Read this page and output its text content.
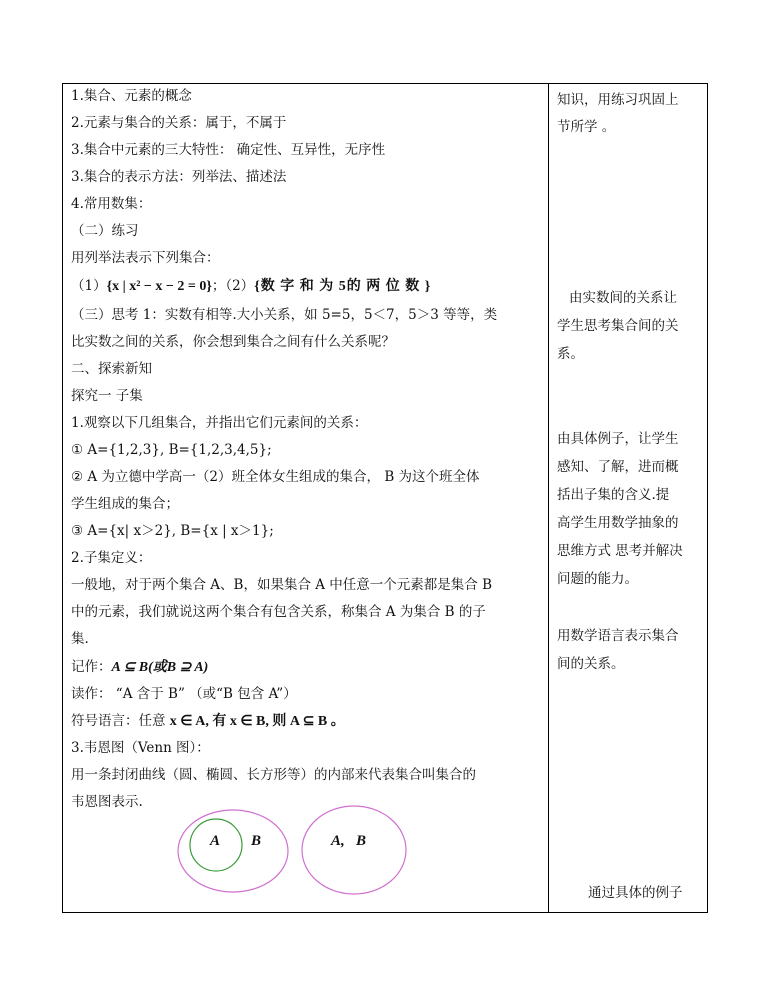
1.集合、元素的概念
2.元素与集合的关系：属于，不属于
3.集合中元素的三大特性： 确定性、互异性，无序性
3.集合的表示方法：列举法、描述法
4.常用数集：
（二）练习
用列举法表示下列集合：
（1）{x | x² − x − 2 = 0}；（2）{数 字 和 为 5的 两 位 数 }
（三）思考 1：实数有相等.大小关系，如 5=5，5＜7，5＞3 等等，类
比实数之间的关系，你会想到集合之间有什么关系呢？
二、探索新知
探究一 子集
1.观察以下几组集合，并指出它们元素间的关系：
① A={1,2,3}, B={1,2,3,4,5};
② A 为立德中学高一（2）班全体女生组成的集合， B 为这个班全体
学生组成的集合；
③ A={x| x＞2}, B={x | x＞1};
2.子集定义：
一般地，对于两个集合 A、B，如果集合 A 中任意一个元素都是集合 B
中的元素，我们就说这两个集合有包含关系，称集合 A 为集合 B 的子
集.
记作：A ⊆ B(或B ⊇ A)
读作： “A 含于 B” （或“B 包含 A”）
符号语言：任意 x ∈ A, 有 x ∈ B, 则 A ⊆ B 。
3.韦恩图（Venn 图）：
用一条封闭曲线（圆、椭圆、长方形等）的内部来代表集合叫集合的
韦恩图表示.
A B	A,   B
知识，用练习巩固上
节所学 。
由实数间的关系让
学生思考集合间的关
系。
由具体例子，让学生
感知、了解，进而概
括出子集的含义.提
高学生用数学抽象的
思维方式 思考并解决
问题的能力。
用数学语言表示集合
间的关系。
通过具体的例子
